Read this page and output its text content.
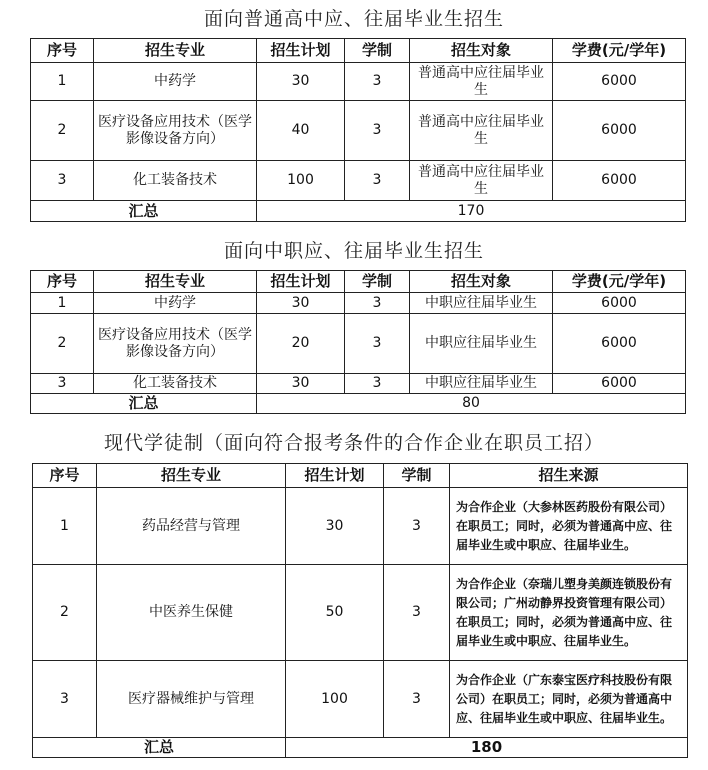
面向普通高中应、往届毕业生招生
序号	招生专业	招生计划	学制	招生对象	学费(元/学年)
1	中药学	30	3	普通高中应往届毕业生	6000
2	医疗设备应用技术（医学影像设备方向）	40	3	普通高中应往届毕业生	6000
3	化工装备技术	100	3	普通高中应往届毕业生	6000
汇总		170			
面向中职应、往届毕业生招生
序号	招生专业	招生计划	学制	招生对象	学费(元/学年)
1	中药学	30	3	中职应往届毕业生	6000
2	医疗设备应用技术（医学影像设备方向）	20	3	中职应往届毕业生	6000
3	化工装备技术	30	3	中职应往届毕业生	6000
汇总		80			
现代学徒制（面向符合报考条件的合作企业在职员工招）
序号	招生专业	招生计划	学制	招生来源
1	药品经营与管理	30	3	为合作企业（大参林医药股份有限公司）在职员工；同时，必须为普通高中应、往届毕业生或中职应、往届毕业生。
2	中医养生保健	50	3	为合作企业（奈瑞儿塑身美颜连锁股份有限公司；广州动静界投资管理有限公司）在职员工；同时，必须为普通高中应、往届毕业生或中职应、往届毕业生。
3	医疗器械维护与管理	100	3	为合作企业（广东泰宝医疗科技股份有限公司）在职员工；同时，必须为普通高中应、往届毕业生或中职应、往届毕业生。
汇总		180		
